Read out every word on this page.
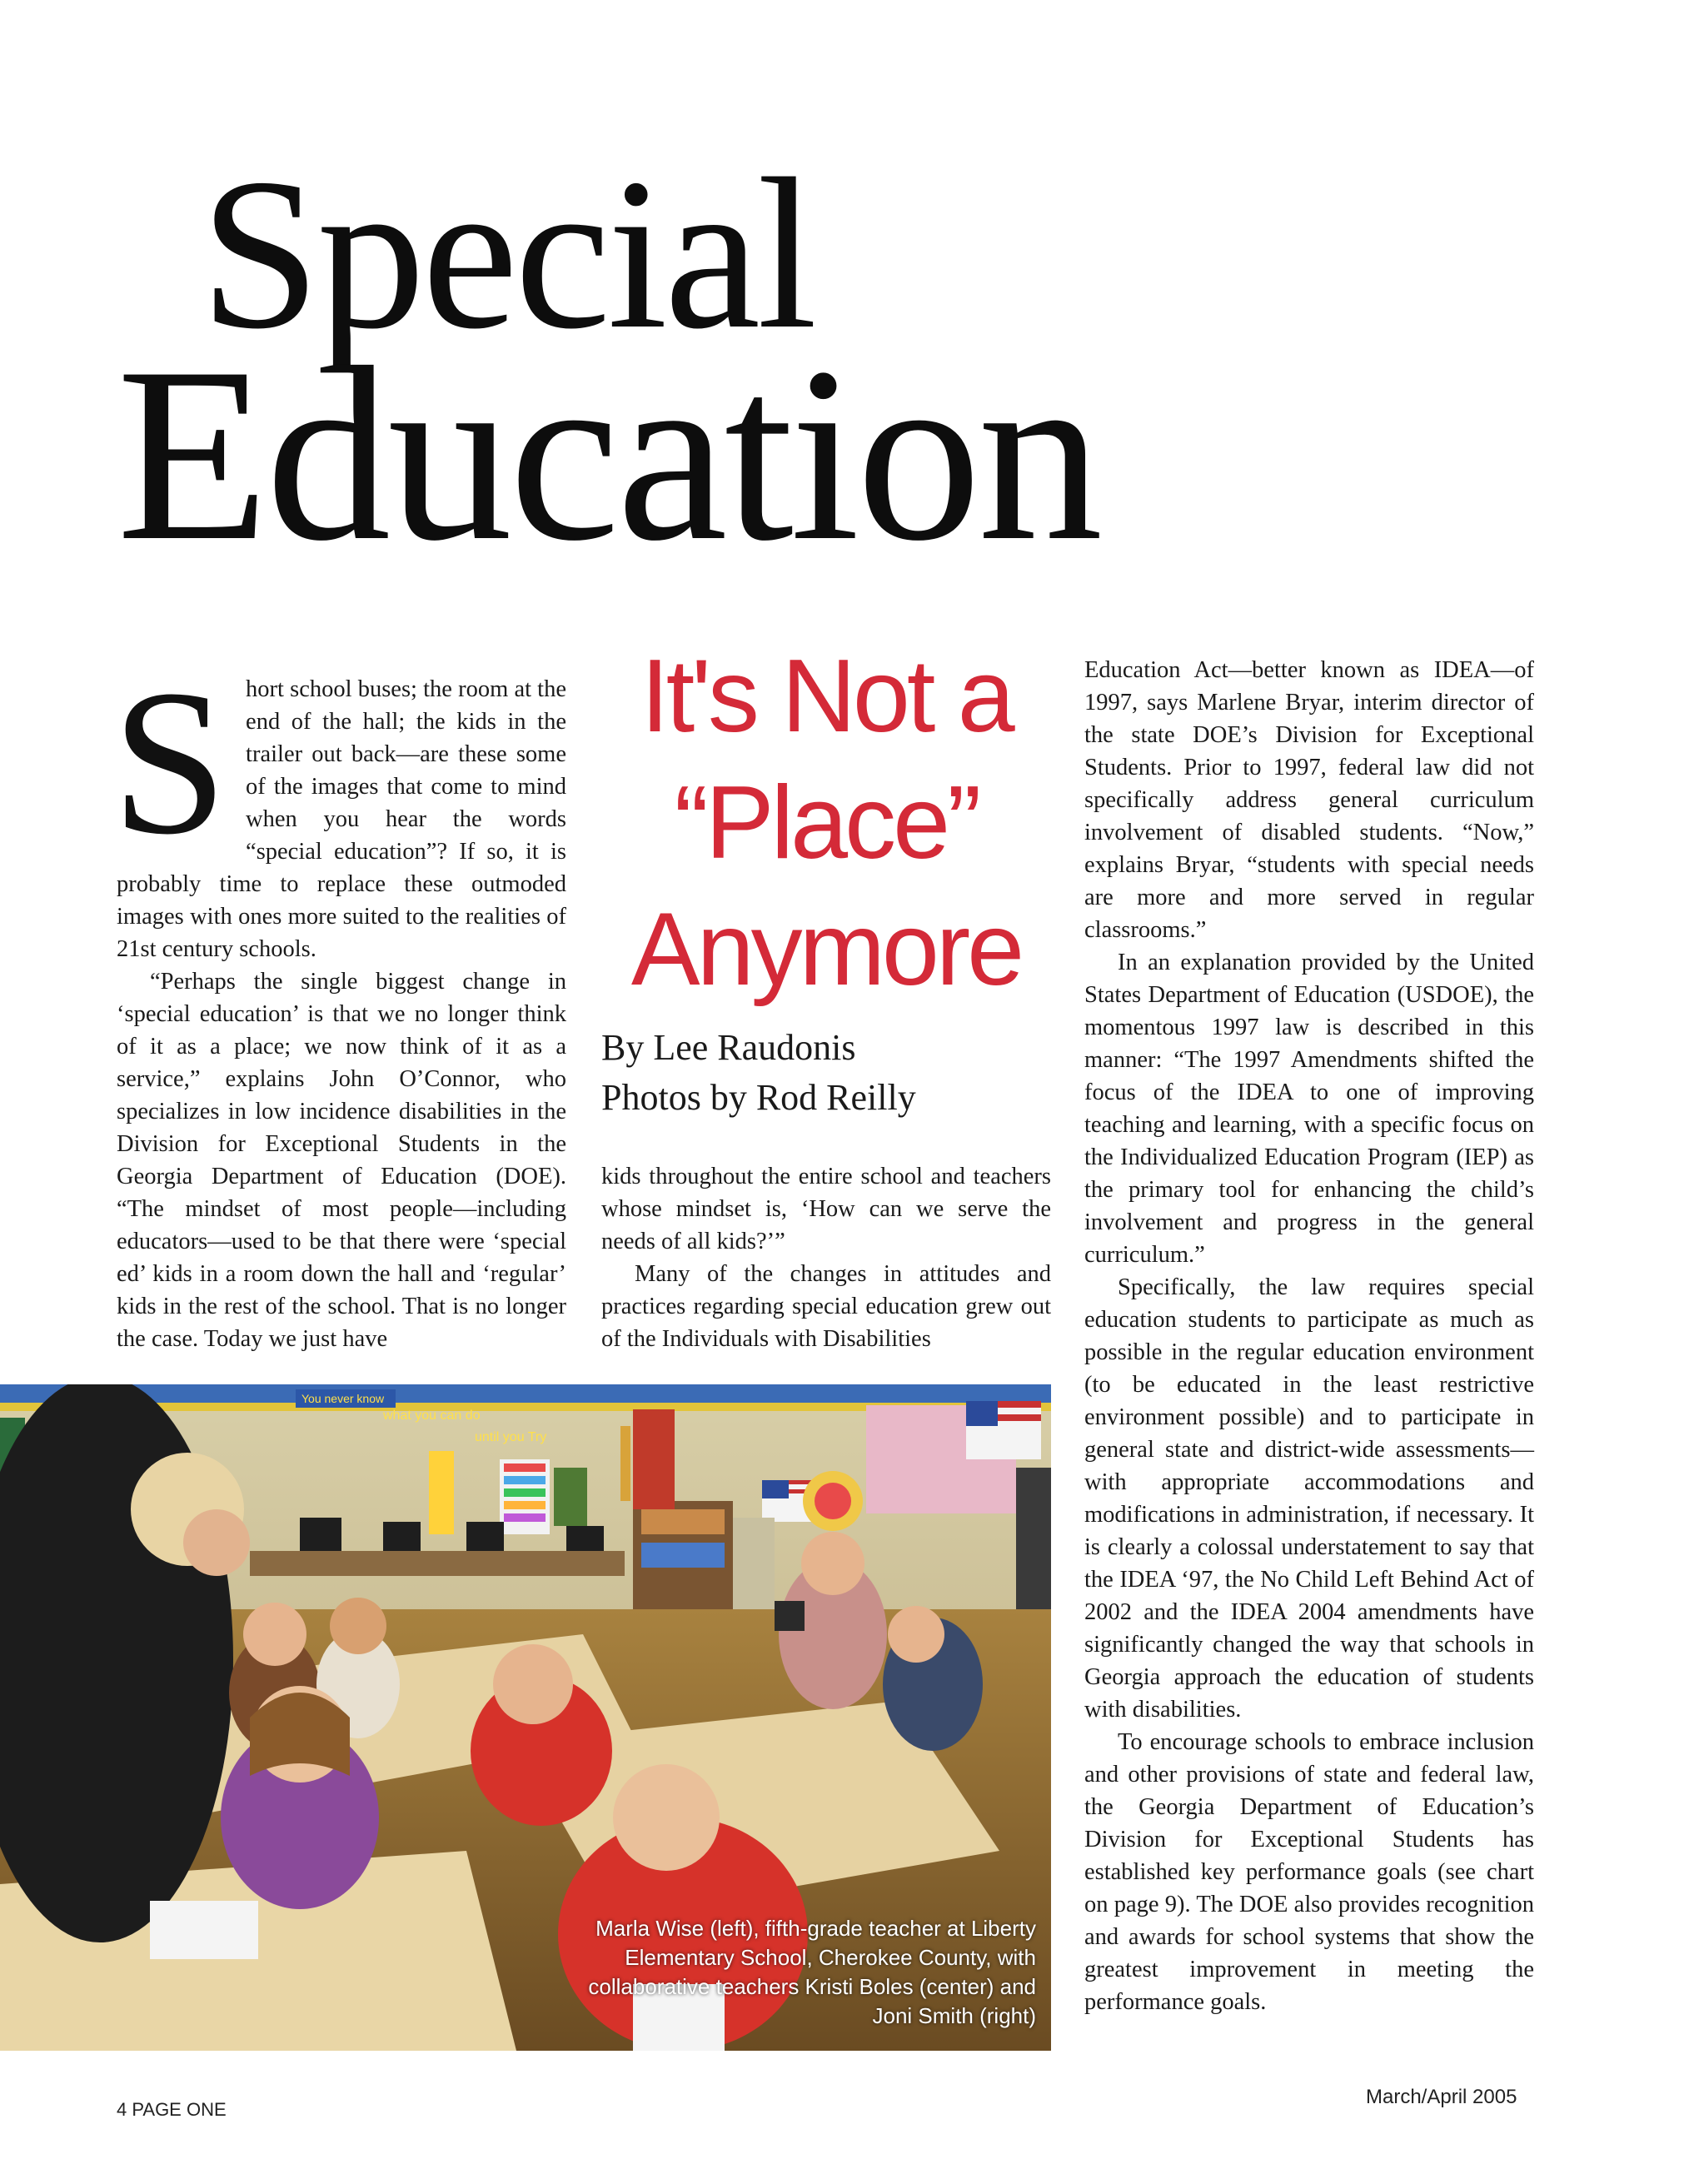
Special
Education
S hort school buses; the room at the end of the hall; the kids in the trailer out back—are these some of the images that come to mind when you hear the words “special education”? If so, it is probably time to replace these outmoded images with ones more suited to the realities of 21st century schools.

“Perhaps the single biggest change in ‘special education’ is that we no longer think of it as a place; we now think of it as a service,” explains John O’Connor, who specializes in low incidence disabilities in the Division for Exceptional Students in the Georgia Department of Education (DOE). “The mindset of most people—including educators—used to be that there were ‘special ed’ kids in a room down the hall and ‘regular’ kids in the rest of the school. That is no longer the case. Today we just have

It's Not a “Place” Anymore
By Lee Raudonis
Photos by Rod Reilly

kids throughout the entire school and teachers whose mindset is, ‘How can we serve the needs of all kids?’”

Many of the changes in attitudes and practices regarding special education grew out of the Individuals with Disabilities

Education Act—better known as IDEA—of 1997, says Marlene Bryar, interim director of the state DOE’s Division for Exceptional Students. Prior to 1997, federal law did not specifically address general curriculum involvement of disabled students. “Now,” explains Bryar, “students with special needs are more and more served in regular classrooms.”

In an explanation provided by the United States Department of Education (USDOE), the momentous 1997 law is described in this manner: “The 1997 Amendments shifted the focus of the IDEA to one of improving teaching and learning, with a specific focus on the Individualized Education Program (IEP) as the primary tool for enhancing the child’s involvement and progress in the general curriculum.”

Specifically, the law requires special education students to participate as much as possible in the regular education environment (to be educated in the least restrictive environment possible) and to participate in general state and district-wide assessments—with appropriate accommodations and modifications in administration, if necessary. It is clearly a colossal understatement to say that the IDEA ‘97, the No Child Left Behind Act of 2002 and the IDEA 2004 amendments have significantly changed the way that schools in Georgia approach the education of students with disabilities.

To encourage schools to embrace inclusion and other provisions of state and federal law, the Georgia Department of Education’s Division for Exceptional Students has established key performance goals (see chart on page 9). The DOE also provides recognition and awards for school systems that show the greatest improvement in meeting the performance goals.

You never know
what you can do
until you Try
Marla Wise (left), fifth-grade teacher at Liberty Elementary School, Cherokee County, with collaborative teachers Kristi Boles (center) and Joni Smith (right)
4 PAGE ONE
March/April 2005
